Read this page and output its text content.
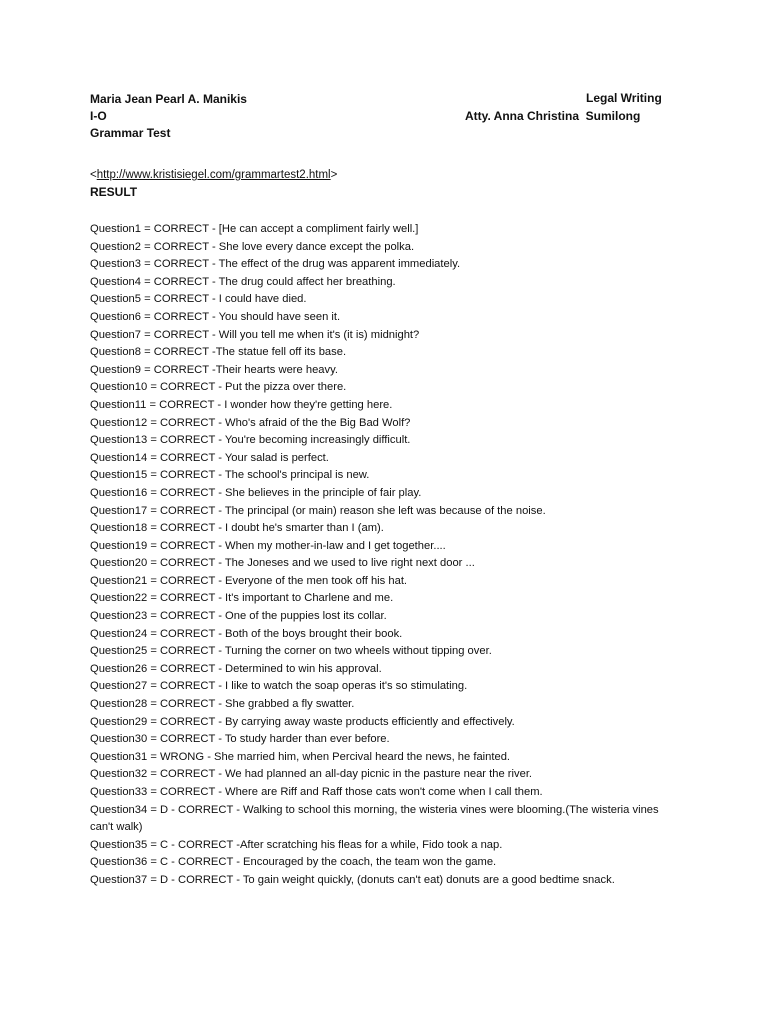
Maria Jean Pearl A. Manikis
I-O
Grammar Test
Legal Writing
Atty. Anna Christina  Sumilong
<http://www.kristisiegel.com/grammartest2.html>
RESULT
Question1 = CORRECT - [He can accept a compliment fairly well.]
Question2 = CORRECT - She love every dance except the polka.
Question3 = CORRECT - The effect of the drug was apparent immediately.
Question4 = CORRECT - The drug could affect her breathing.
Question5 = CORRECT - I could have died.
Question6 = CORRECT - You should have seen it.
Question7 = CORRECT - Will you tell me when it's (it is) midnight?
Question8 = CORRECT -The statue fell off its base.
Question9 = CORRECT -Their hearts were heavy.
Question10 = CORRECT - Put the pizza over there.
Question11 = CORRECT - I wonder how they're getting here.
Question12 = CORRECT - Who's afraid of the the Big Bad Wolf?
Question13 = CORRECT - You're becoming increasingly difficult.
Question14 = CORRECT - Your salad is perfect.
Question15 = CORRECT - The school's principal is new.
Question16 = CORRECT - She believes in the principle of fair play.
Question17 = CORRECT - The principal (or main) reason she left was because of the noise.
Question18 = CORRECT - I doubt he's smarter than I (am).
Question19 = CORRECT - When my mother-in-law and I get together....
Question20 = CORRECT - The Joneses and we used to live right next door ...
Question21 = CORRECT - Everyone of the men took off his hat.
Question22 = CORRECT - It's important to Charlene and me.
Question23 = CORRECT - One of the puppies lost its collar.
Question24 = CORRECT - Both of the boys brought their book.
Question25 = CORRECT - Turning the corner on two wheels without tipping over.
Question26 = CORRECT - Determined to win his approval.
Question27 = CORRECT - I like to watch the soap operas it's so stimulating.
Question28 = CORRECT - She grabbed a fly swatter.
Question29 = CORRECT - By carrying away waste products efficiently and effectively.
Question30 = CORRECT - To study harder than ever before.
Question31 = WRONG - She married him, when Percival heard the news, he fainted.
Question32 = CORRECT - We had planned an all-day picnic in the pasture near the river.
Question33 = CORRECT - Where are Riff and Raff those cats won't come when I call them.
Question34 = D - CORRECT - Walking to school this morning, the wisteria vines were blooming.(The wisteria vines can't walk)
Question35 = C - CORRECT -After scratching his fleas for a while, Fido took a nap.
Question36 = C - CORRECT - Encouraged by the coach, the team won the game.
Question37 = D - CORRECT - To gain weight quickly, (donuts can't eat) donuts are a good bedtime snack.
